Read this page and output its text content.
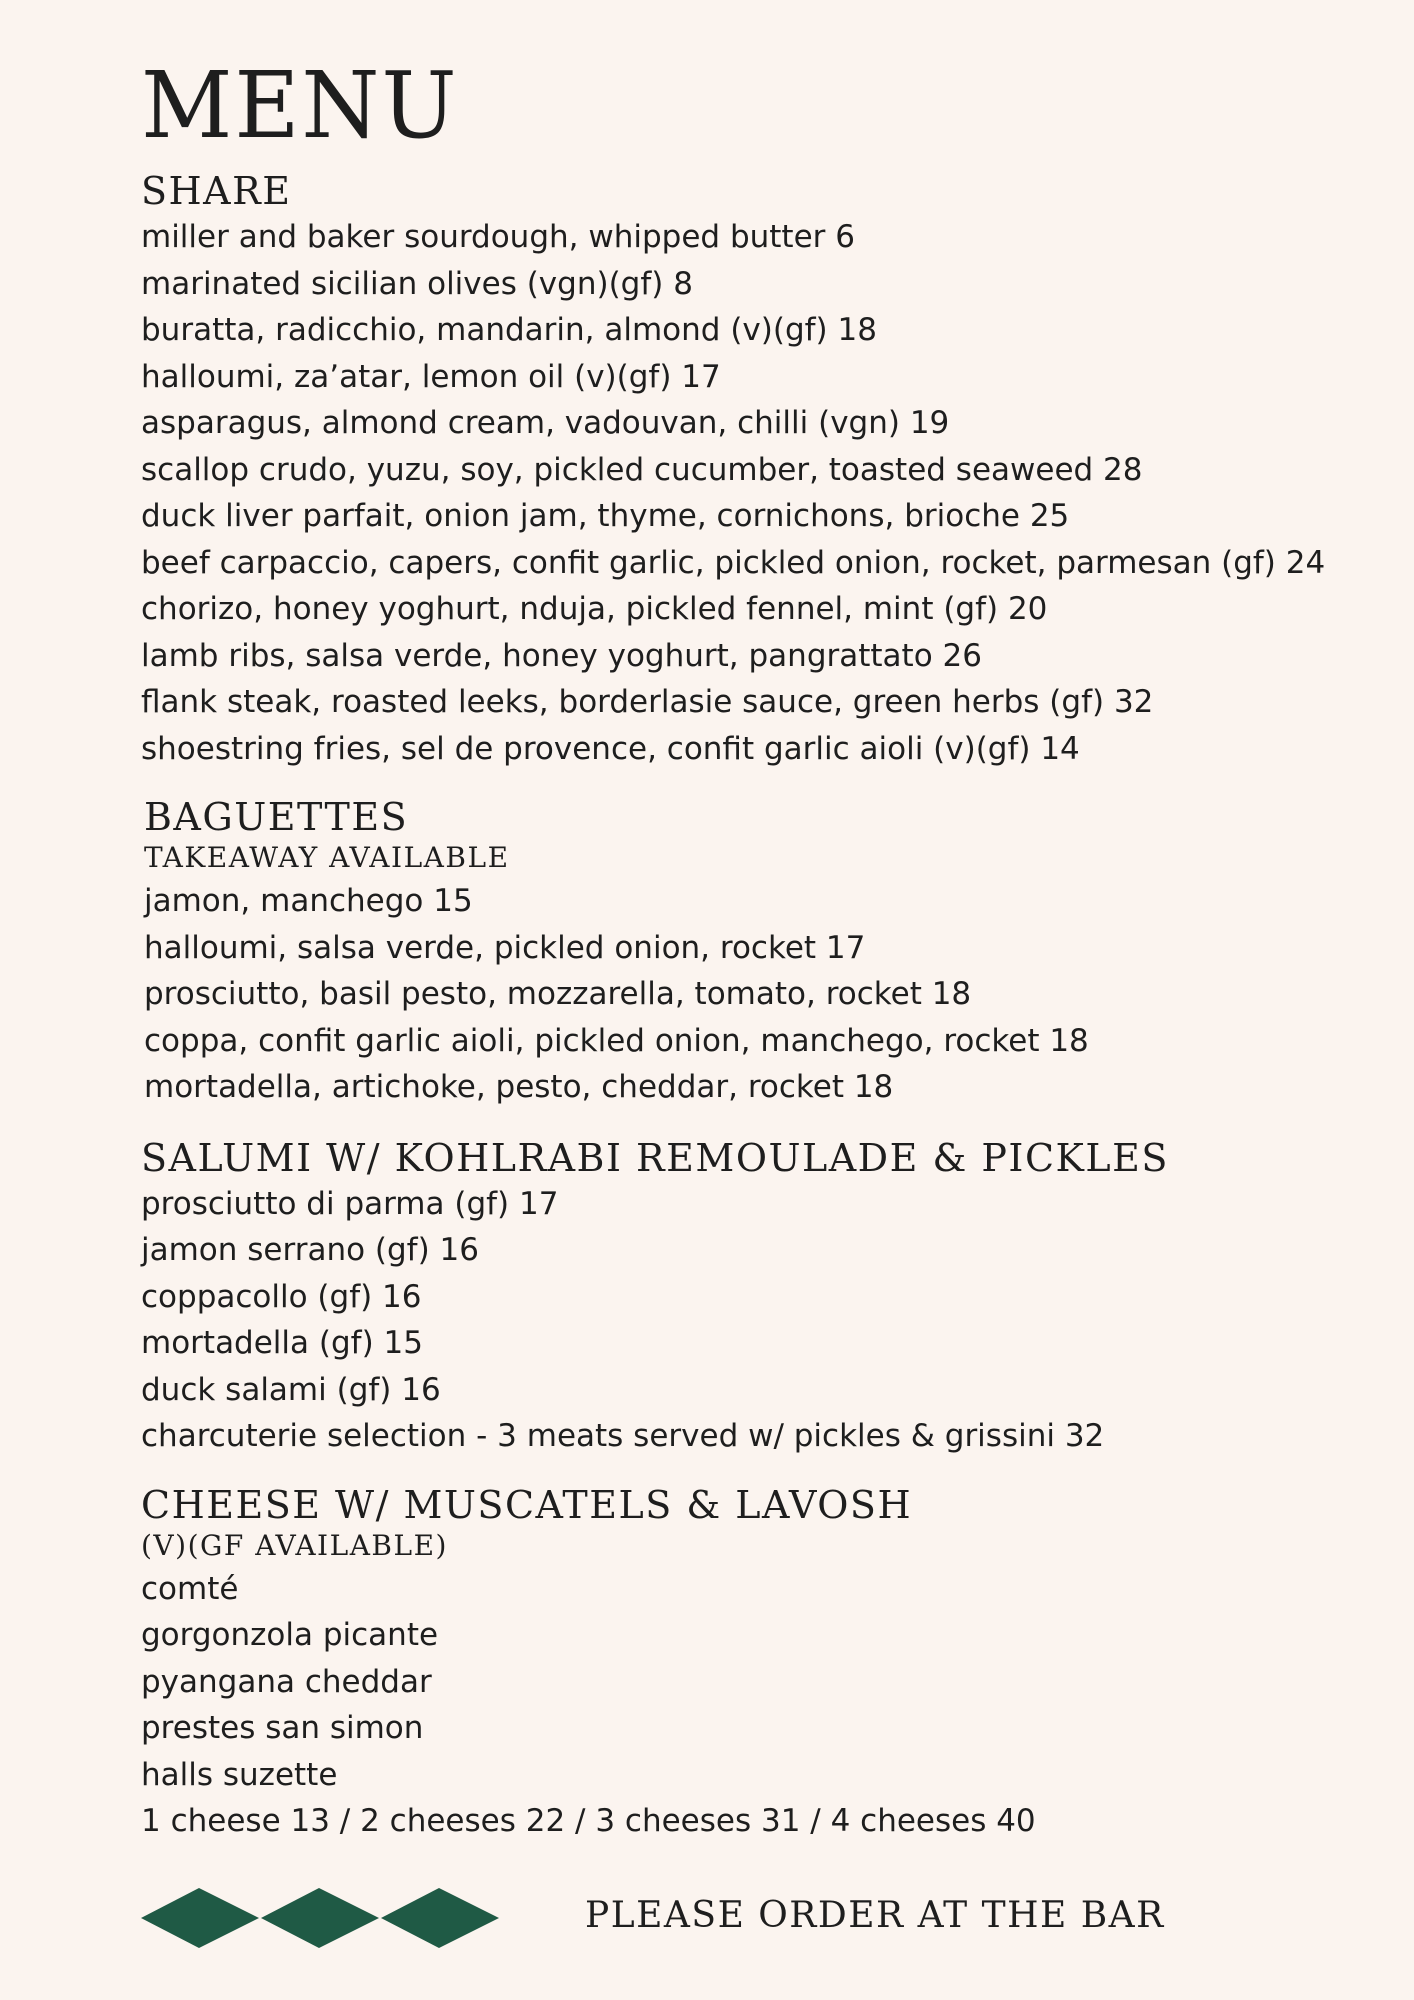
MENU
SHARE
miller and baker sourdough, whipped butter 6
marinated sicilian olives (vgn)(gf) 8
buratta, radicchio, mandarin, almond (v)(gf) 18
halloumi, za’atar, lemon oil (v)(gf) 17
asparagus, almond cream, vadouvan, chilli (vgn) 19
scallop crudo, yuzu, soy, pickled cucumber, toasted seaweed 28
duck liver parfait, onion jam, thyme, cornichons, brioche 25
beef carpaccio, capers, confit garlic, pickled onion, rocket, parmesan (gf) 24
chorizo, honey yoghurt, nduja, pickled fennel, mint (gf) 20
lamb ribs, salsa verde, honey yoghurt, pangrattato 26
flank steak, roasted leeks, borderlasie sauce, green herbs (gf) 32
shoestring fries, sel de provence, confit garlic aioli (v)(gf) 14
BAGUETTES
TAKEAWAY AVAILABLE
jamon, manchego 15
halloumi, salsa verde, pickled onion, rocket 17
prosciutto, basil pesto, mozzarella, tomato, rocket 18
coppa, confit garlic aioli, pickled onion, manchego, rocket 18
mortadella, artichoke, pesto, cheddar, rocket 18
SALUMI W/ KOHLRABI REMOULADE & PICKLES
prosciutto di parma (gf) 17
jamon serrano (gf) 16
coppacollo (gf) 16
mortadella (gf) 15
duck salami (gf) 16
charcuterie selection - 3 meats served w/ pickles & grissini 32
CHEESE W/ MUSCATELS & LAVOSH
(V)(GF AVAILABLE)
comté
gorgonzola picante
pyangana cheddar
prestes san simon
halls suzette
1 cheese 13 / 2 cheeses 22 / 3 cheeses 31 / 4 cheeses 40
PLEASE ORDER AT THE BAR
